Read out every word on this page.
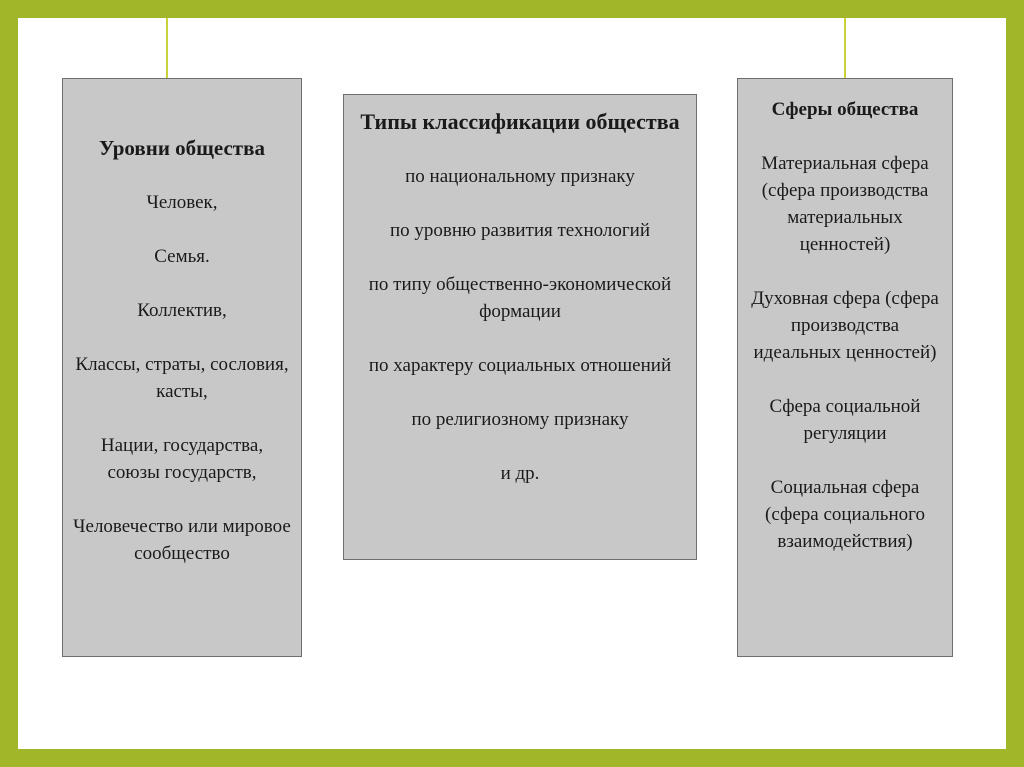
Уровни общества

Человек,

Семья.

Коллектив,

Классы, страты, сословия, касты,

Нации, государства, союзы государств,

Человечество или мировое сообщество

Типы классификации общества

по национальному признаку

по уровню развития технологий

по типу общественно-экономической формации

по характеру социальных отношений

по религиозному признаку

и др.

Сферы общества

Материальная сфера (сфера производства материальных ценностей)

Духовная сфера (сфера производства идеальных ценностей)

Сфера социальной регуляции

Социальная сфера (сфера социального взаимодействия)
